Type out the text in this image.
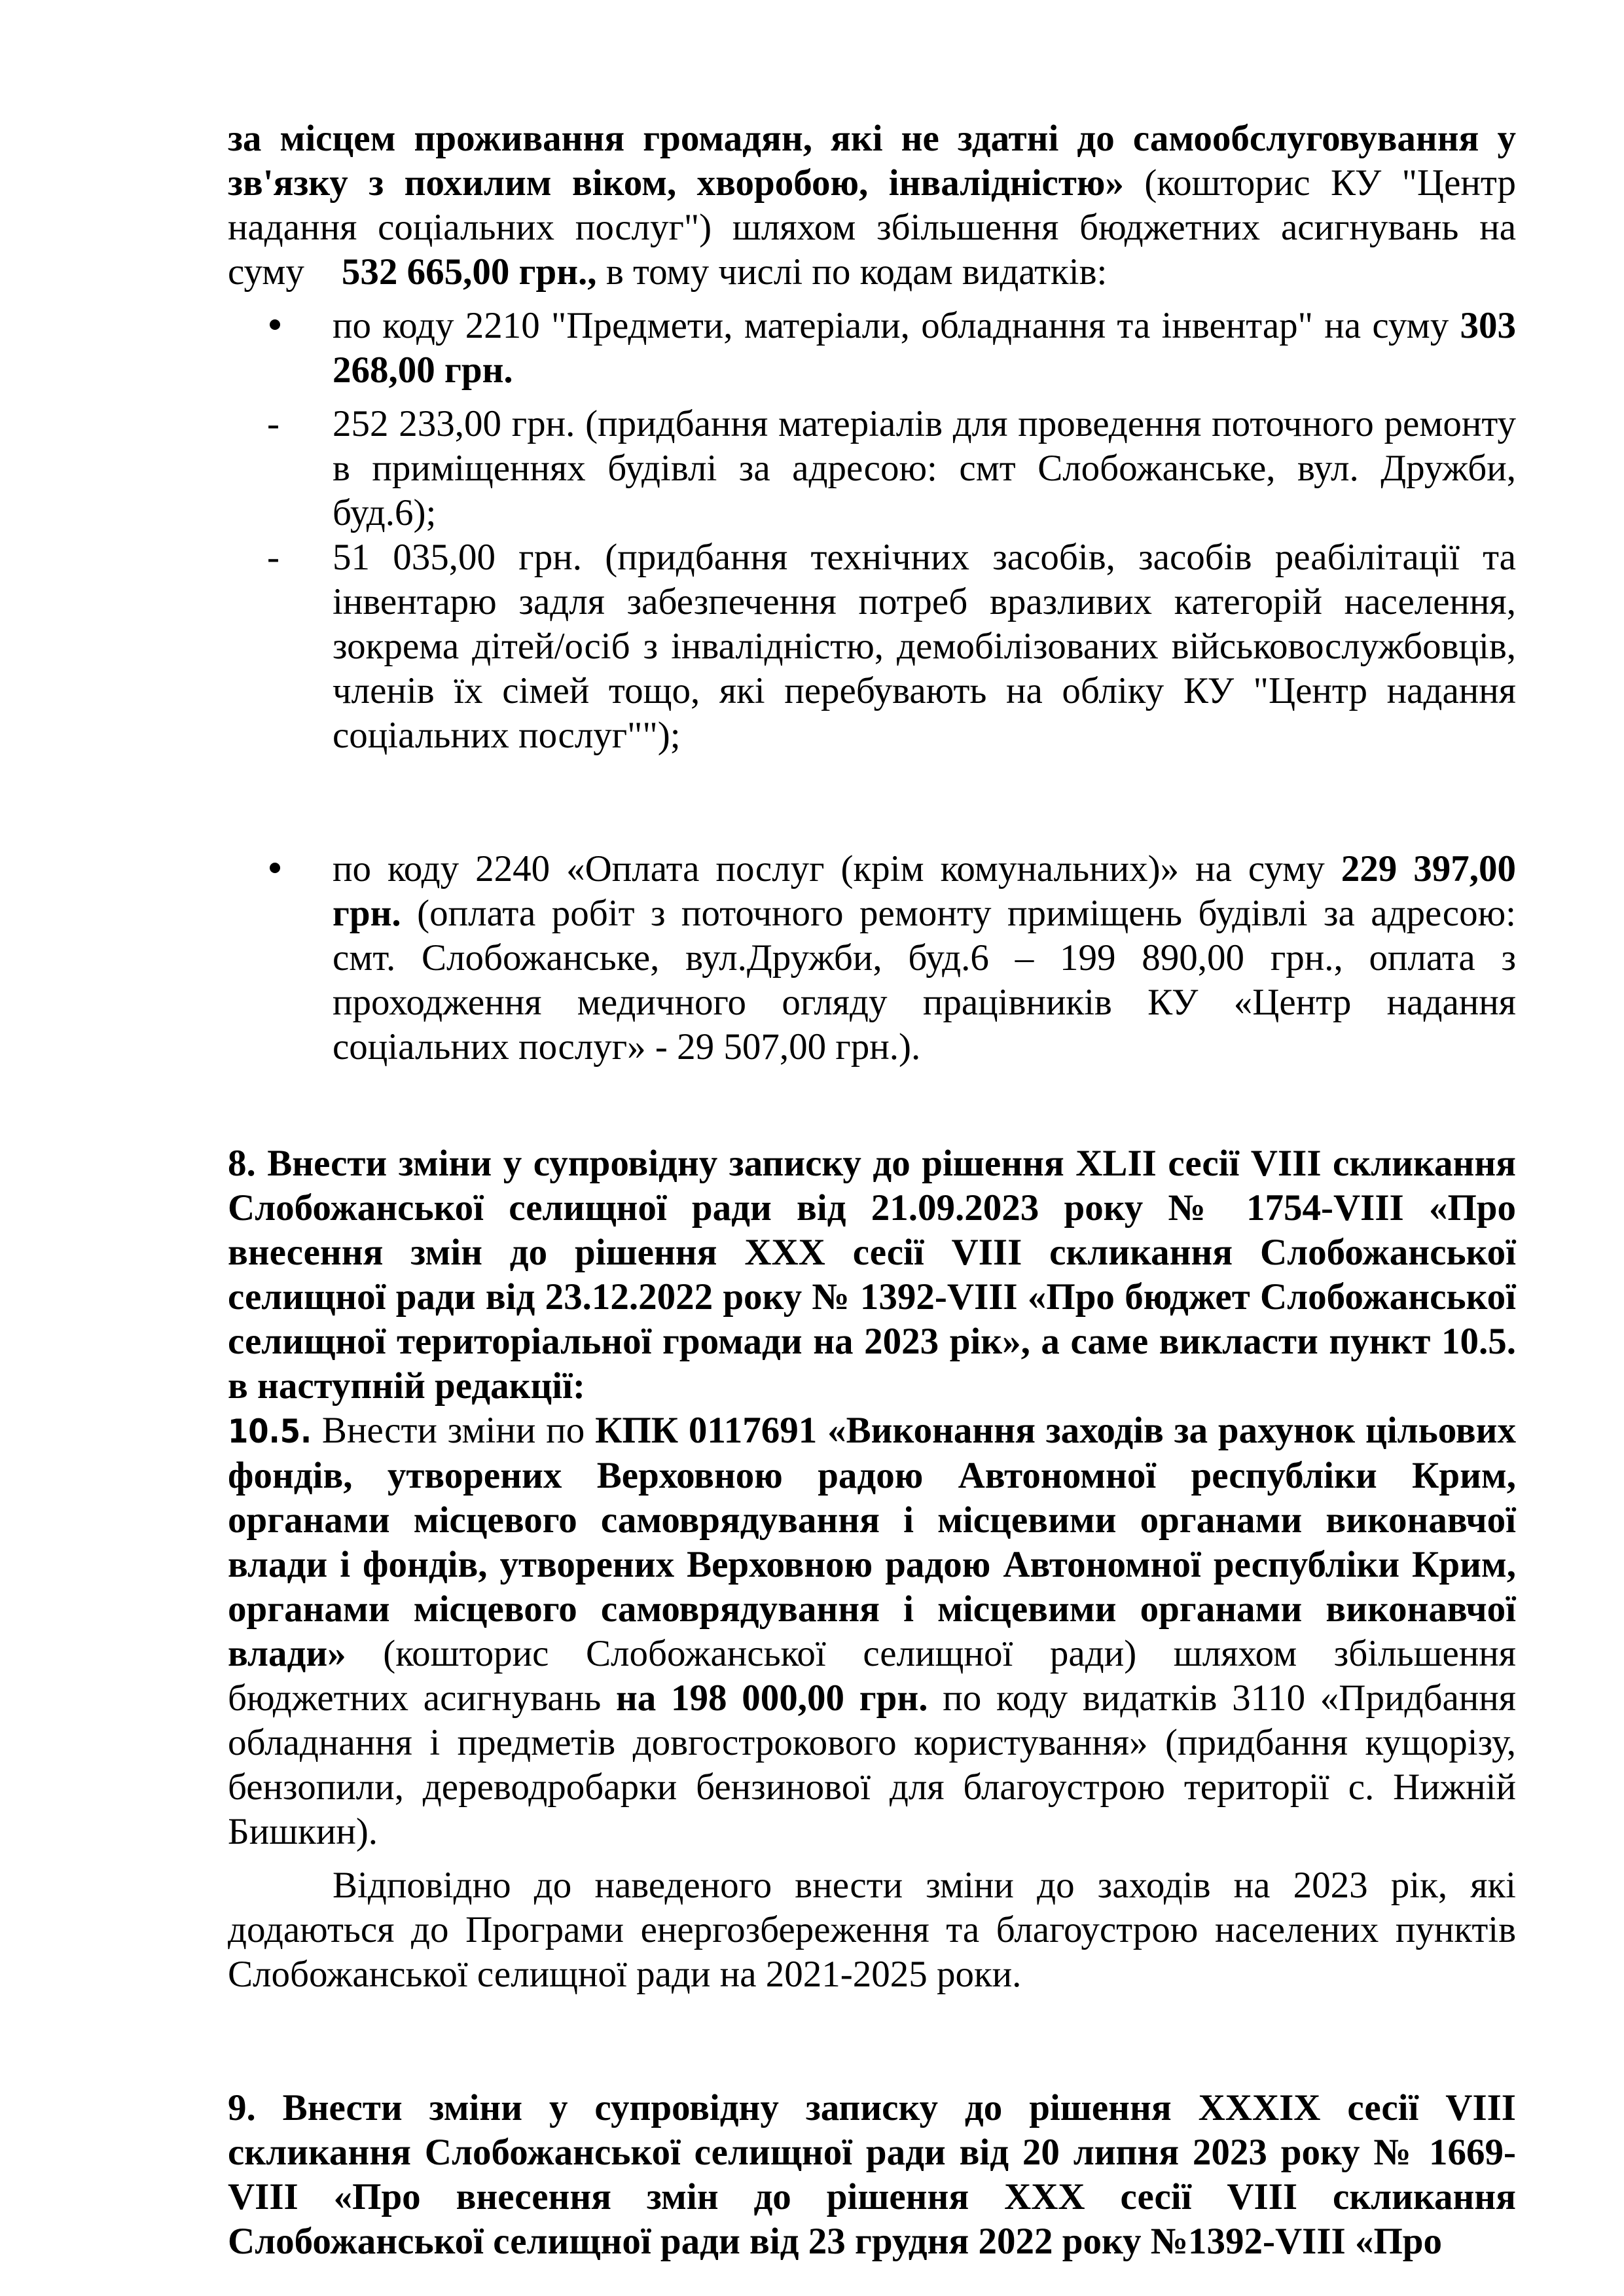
за місцем проживання громадян, які не здатні до самообслуговування у зв'язку з похилим віком, хворобою, інвалідністю» (кошторис КУ "Центр надання соціальних послуг") шляхом збільшення бюджетних асигнувань на суму    532 665,00 грн., в тому числі по кодам видатків:

по коду 2210 "Предмети, матеріали, обладнання та інвентар" на суму 303 268,00 грн.
-	252 233,00 грн. (придбання матеріалів для проведення поточного ремонту в приміщеннях будівлі за адресою: смт Слобожанське, вул. Дружби, буд.6);
-	51 035,00 грн. (придбання технічних засобів, засобів реабілітації та інвентарю задля забезпечення потреб вразливих категорій населення, зокрема дітей/осіб з інвалідністю, демобілізованих військовослужбовців, членів їх сімей тощо, які перебувають на обліку КУ "Центр надання соціальних послуг"");
по коду 2240 «Оплата послуг (крім комунальних)» на суму 229 397,00 грн. (оплата робіт з поточного ремонту приміщень будівлі за адресою: смт. Слобожанське, вул.Дружби, буд.6 – 199 890,00 грн., оплата з проходження медичного огляду працівників КУ «Центр надання соціальних послуг» - 29 507,00 грн.).

8. Внести зміни у супровідну записку до рішення XLII сесії VIII скликання Слобожанської селищної ради від 21.09.2023 року № 1754-VIII «Про внесення змін до рішення XXX сесії VIII скликання Слобожанської селищної ради від 23.12.2022 року № 1392-VIII «Про бюджет Слобожанської селищної територіальної громади на 2023 рік», а саме викласти пункт 10.5. в наступній редакції:

10.5. Внести зміни по КПК 0117691 «Виконання заходів за рахунок цільових фондів, утворених Верховною радою Автономної республіки Крим, органами місцевого самоврядування і місцевими органами виконавчої влади і фондів, утворених Верховною радою Автономної республіки Крим, органами місцевого самоврядування і місцевими органами виконавчої влади» (кошторис Слобожанської селищної ради) шляхом збільшення бюджетних асигнувань на 198 000,00 грн. по коду видатків 3110 «Придбання обладнання і предметів довгострокового користування» (придбання кущорізу, бензопили, дереводробарки бензинової для благоустрою території с. Нижній Бишкин).

Відповідно до наведеного внести зміни до заходів на 2023 рік, які додаються до Програми енергозбереження та благоустрою населених пунктів Слобожанської селищної ради на 2021-2025 роки.

9. Внести зміни у супровідну записку до рішення XXXIX сесії VIII скликання Слобожанської селищної ради від 20 липня 2023 року № 1669-VIII «Про внесення змін до рішення XXX сесії VIII скликання Слобожанської селищної ради від 23 грудня 2022 року №1392-VIII «Про
